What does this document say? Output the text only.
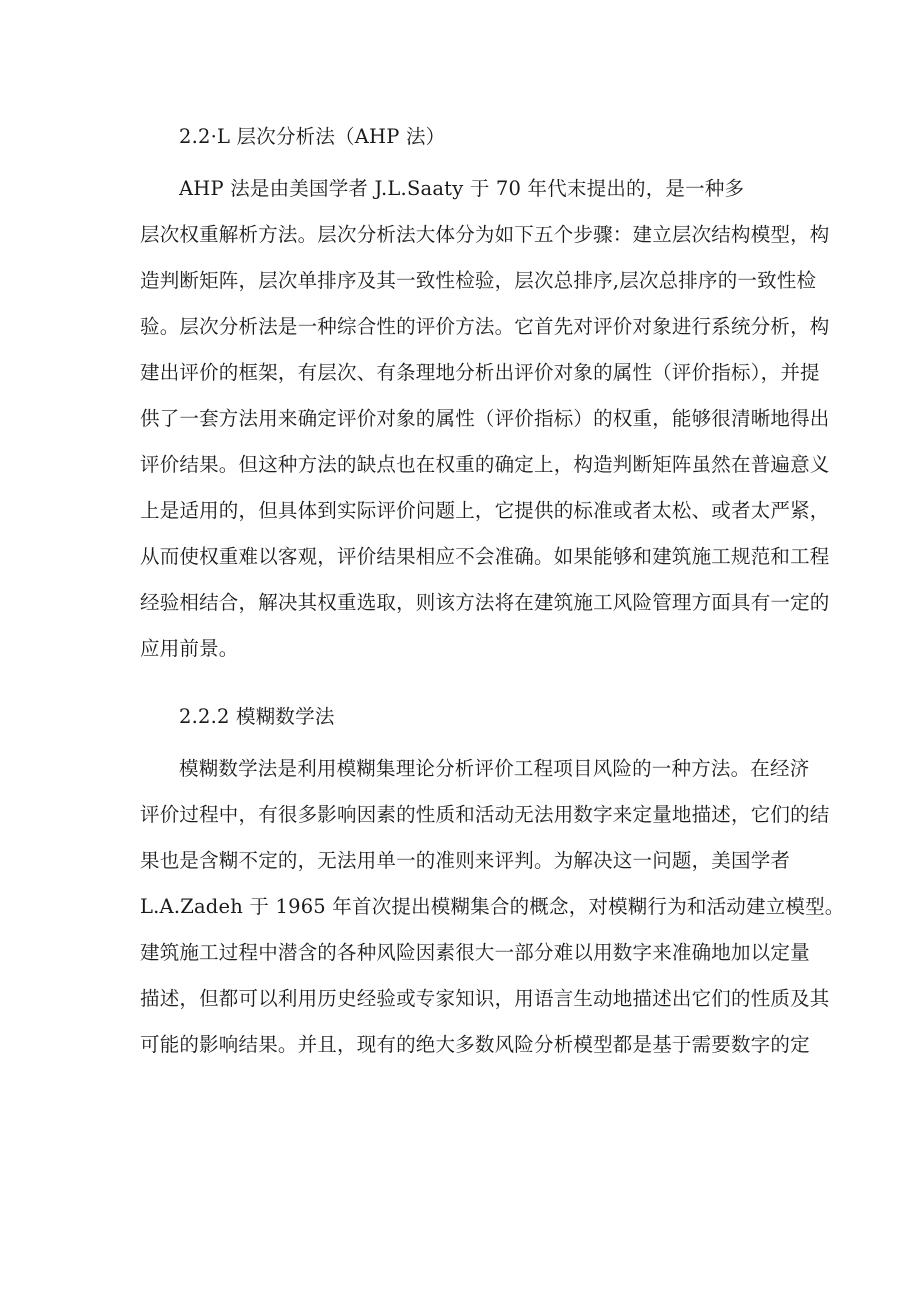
2.2·L 层次分析法（AHP 法）
AHP 法是由美国学者 J.L.Saaty 于 70 年代末提出的，是一种多
层次权重解析方法。层次分析法大体分为如下五个步骤：建立层次结构模型，构
造判断矩阵，层次单排序及其一致性检验，层次总排序,层次总排序的一致性检
验。层次分析法是一种综合性的评价方法。它首先对评价对象进行系统分析，构
建出评价的框架，有层次、有条理地分析出评价对象的属性（评价指标），并提
供了一套方法用来确定评价对象的属性（评价指标）的权重，能够很清晰地得出
评价结果。但这种方法的缺点也在权重的确定上，构造判断矩阵虽然在普遍意义
上是适用的，但具体到实际评价问题上，它提供的标准或者太松、或者太严紧，
从而使权重难以客观，评价结果相应不会准确。如果能够和建筑施工规范和工程
经验相结合，解决其权重选取，则该方法将在建筑施工风险管理方面具有一定的
应用前景。
2.2.2 模糊数学法
模糊数学法是利用模糊集理论分析评价工程项目风险的一种方法。在经济
评价过程中，有很多影响因素的性质和活动无法用数字来定量地描述，它们的结
果也是含糊不定的，无法用单一的准则来评判。为解决这一问题，美国学者
L.A.Zadeh 于 1965 年首次提出模糊集合的概念，对模糊行为和活动建立模型。
建筑施工过程中潜含的各种风险因素很大一部分难以用数字来准确地加以定量
描述，但都可以利用历史经验或专家知识，用语言生动地描述出它们的性质及其
可能的影响结果。并且，现有的绝大多数风险分析模型都是基于需要数字的定
